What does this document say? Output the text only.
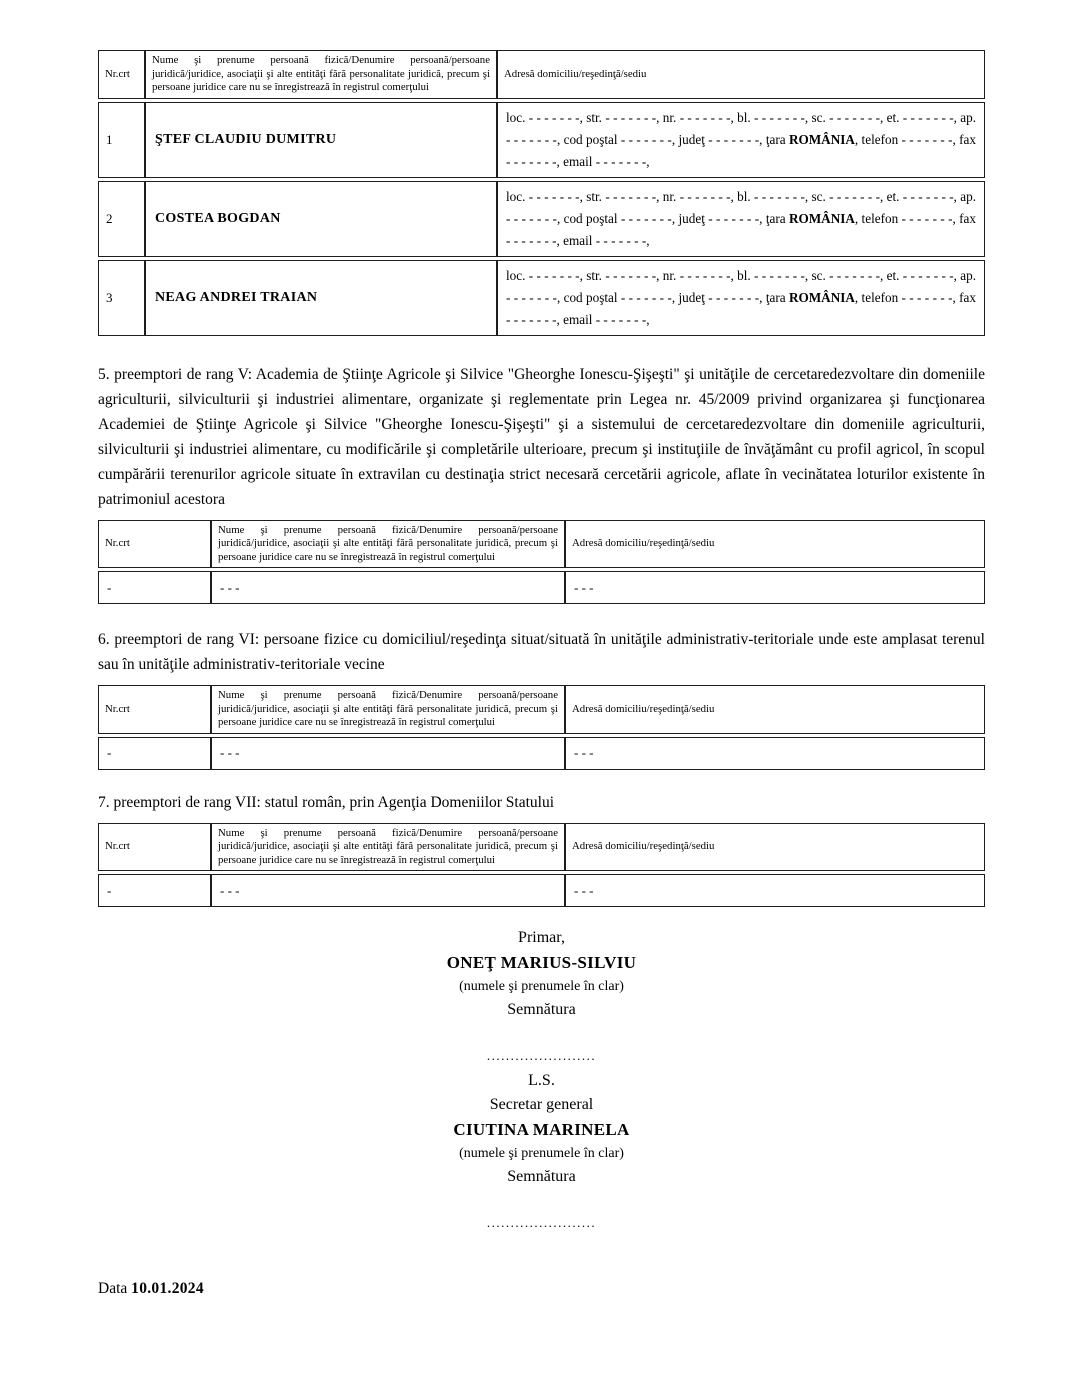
Nr.crt	Nume şi prenume persoană fizică/Denumire persoană/persoane juridică/juridice, asociaţii şi alte entităţi fără personalitate juridică, precum şi persoane juridice care nu se înregistrează în registrul comerţului	Adresă domiciliu/reşedinţă/sediu
1	ŞTEF CLAUDIU DUMITRU	loc. - - - - - - -, str. - - - - - - -, nr. - - - - - - -, bl. - - - - - - -, sc. - - - - - - -, et. - - - - - - -, ap. - - - - - - -, cod poştal - - - - - - -, judeţ - - - - - - -, ţara ROMÂNIA, telefon - - - - - - -, fax - - - - - - -, email - - - - - - -,
2	COSTEA BOGDAN	loc. - - - - - - -, str. - - - - - - -, nr. - - - - - - -, bl. - - - - - - -, sc. - - - - - - -, et. - - - - - - -, ap. - - - - - - -, cod poştal - - - - - - -, judeţ - - - - - - -, ţara ROMÂNIA, telefon - - - - - - -, fax - - - - - - -, email - - - - - - -,
3	NEAG ANDREI TRAIAN	loc. - - - - - - -, str. - - - - - - -, nr. - - - - - - -, bl. - - - - - - -, sc. - - - - - - -, et. - - - - - - -, ap. - - - - - - -, cod poştal - - - - - - -, judeţ - - - - - - -, ţara ROMÂNIA, telefon - - - - - - -, fax - - - - - - -, email - - - - - - -,

5. preemptori de rang V: Academia de Ştiinţe Agricole şi Silvice "Gheorghe Ionescu-Şişeşti" şi unităţile de cercetaredezvoltare din domeniile agriculturii, silviculturii şi industriei alimentare, organizate şi reglementate prin Legea nr. 45/2009 privind organizarea şi funcţionarea Academiei de Ştiinţe Agricole şi Silvice "Gheorghe Ionescu-Şişeşti" şi a sistemului de cercetaredezvoltare din domeniile agriculturii, silviculturii şi industriei alimentare, cu modificările şi completările ulterioare, precum şi instituţiile de învăţământ cu profil agricol, în scopul cumpărării terenurilor agricole situate în extravilan cu destinaţia strict necesară cercetării agricole, aflate în vecinătatea loturilor existente în patrimoniul acestora

Nr.crt	Nume şi prenume persoană fizică/Denumire persoană/persoane juridică/juridice, asociaţii şi alte entităţi fără personalitate juridică, precum şi persoane juridice care nu se înregistrează în registrul comerţului	Adresă domiciliu/reşedinţă/sediu
-	- - -	- - -

6. preemptori de rang VI: persoane fizice cu domiciliul/reşedinţa situat/situată în unităţile administrativ-teritoriale unde este amplasat terenul sau în unităţile administrativ-teritoriale vecine

Nr.crt	Nume şi prenume persoană fizică/Denumire persoană/persoane juridică/juridice, asociaţii şi alte entităţi fără personalitate juridică, precum şi persoane juridice care nu se înregistrează în registrul comerţului	Adresă domiciliu/reşedinţă/sediu
-	- - -	- - -

7. preemptori de rang VII: statul român, prin Agenţia Domeniilor Statului

Nr.crt	Nume şi prenume persoană fizică/Denumire persoană/persoane juridică/juridice, asociaţii şi alte entităţi fără personalitate juridică, precum şi persoane juridice care nu se înregistrează în registrul comerţului	Adresă domiciliu/reşedinţă/sediu
-	- - -	- - -
Primar,
ONEŢ MARIUS-SILVIU
(numele şi prenumele în clar)
Semnătura
.......................
L.S.
Secretar general
CIUTINA MARINELA
(numele şi prenumele în clar)
Semnătura
.......................
Data 10.01.2024
